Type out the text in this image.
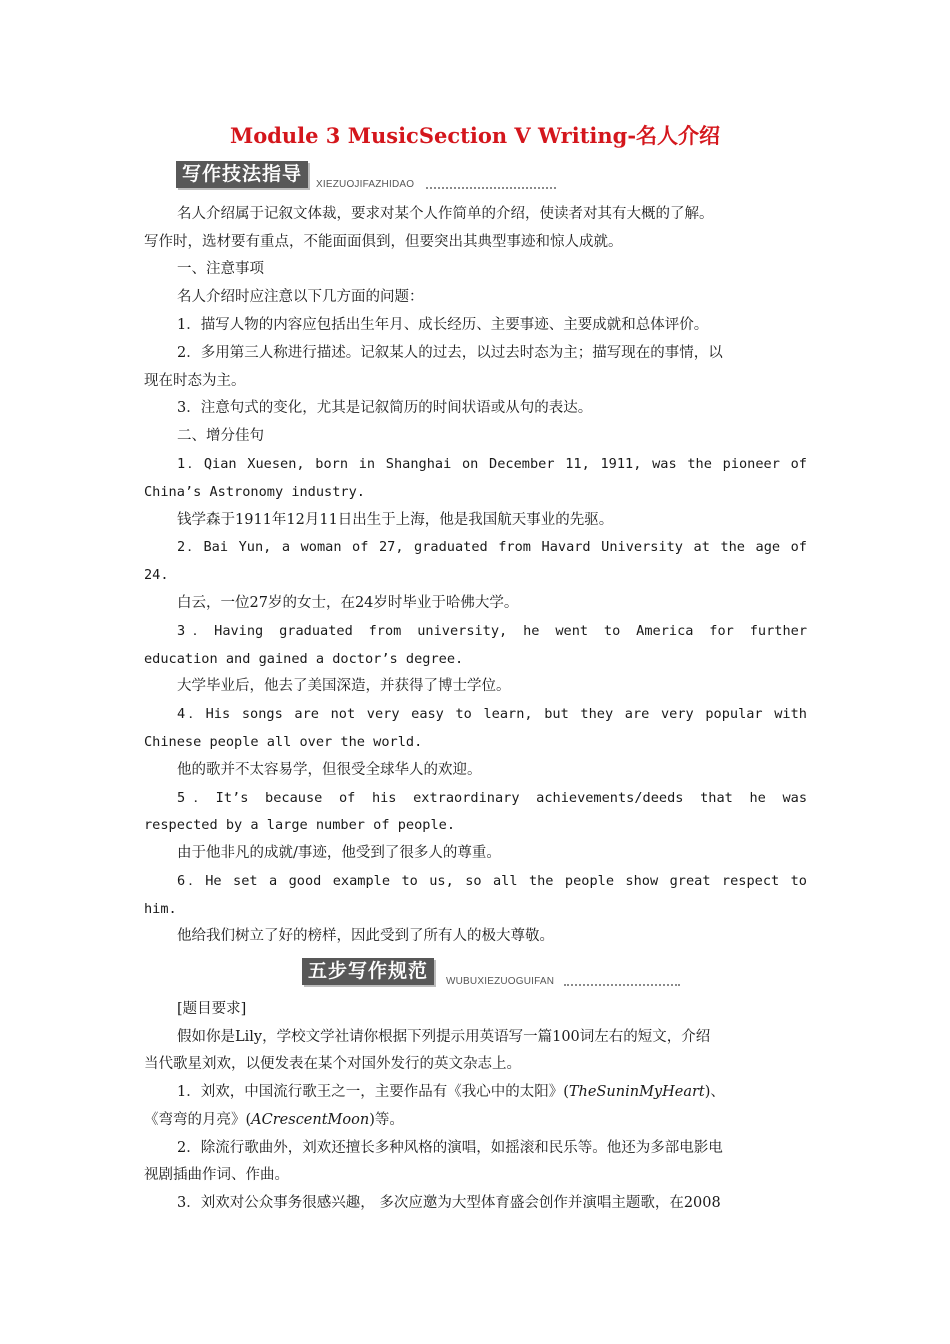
Module 3 MusicSection Ⅴ Writing-名人介绍
写作技法指导	XIEZUOJIFAZHIDAO
名人介绍属于记叙文体裁，要求对某个人作简单的介绍，使读者对其有大概的了解。
写作时，选材要有重点，不能面面俱到，但要突出其典型事迹和惊人成就。
一、注意事项
名人介绍时应注意以下几方面的问题：
1．描写人物的内容应包括出生年月、成长经历、主要事迹、主要成就和总体评价。
2．多用第三人称进行描述。记叙某人的过去，以过去时态为主；描写现在的事情，以
现在时态为主。
3．注意句式的变化，尤其是记叙简历的时间状语或从句的表达。
二、增分佳句
1．Qian Xuesen, born in Shanghai on December 11, 1911, was the pioneer of
China’s Astronomy industry.
钱学森于1911年12月11日出生于上海，他是我国航天事业的先驱。
2．Bai Yun, a woman of 27, graduated from Havard University at the age of
24.
白云，一位27岁的女士，在24岁时毕业于哈佛大学。
3．Having graduated from university, he went to America for further
education and gained a doctor’s degree.
大学毕业后，他去了美国深造，并获得了博士学位。
4．His songs are not very easy to learn, but they are very popular with
Chinese people all over the world.
他的歌并不太容易学，但很受全球华人的欢迎。
5．It’s because of his extraordinary achievements/deeds that he was
respected by a large number of people.
由于他非凡的成就/事迹，他受到了很多人的尊重。
6．He set a good example to us, so all the people show great respect to
him.
他给我们树立了好的榜样，因此受到了所有人的极大尊敬。
五步写作规范	WUBUXIEZUOGUIFAN
[题目要求]
假如你是Lily，学校文学社请你根据下列提示用英语写一篇100词左右的短文，介绍
当代歌星刘欢，以便发表在某个对国外发行的英文杂志上。
1．刘欢，中国流行歌王之一，主要作品有《我心中的太阳》(TheSuninMyHeart)、
《弯弯的月亮》(ACrescentMoon)等。
2．除流行歌曲外，刘欢还擅长多种风格的演唱，如摇滚和民乐等。他还为多部电影电
视剧插曲作词、作曲。
3．刘欢对公众事务很感兴趣， 多次应邀为大型体育盛会创作并演唱主题歌，在2008
